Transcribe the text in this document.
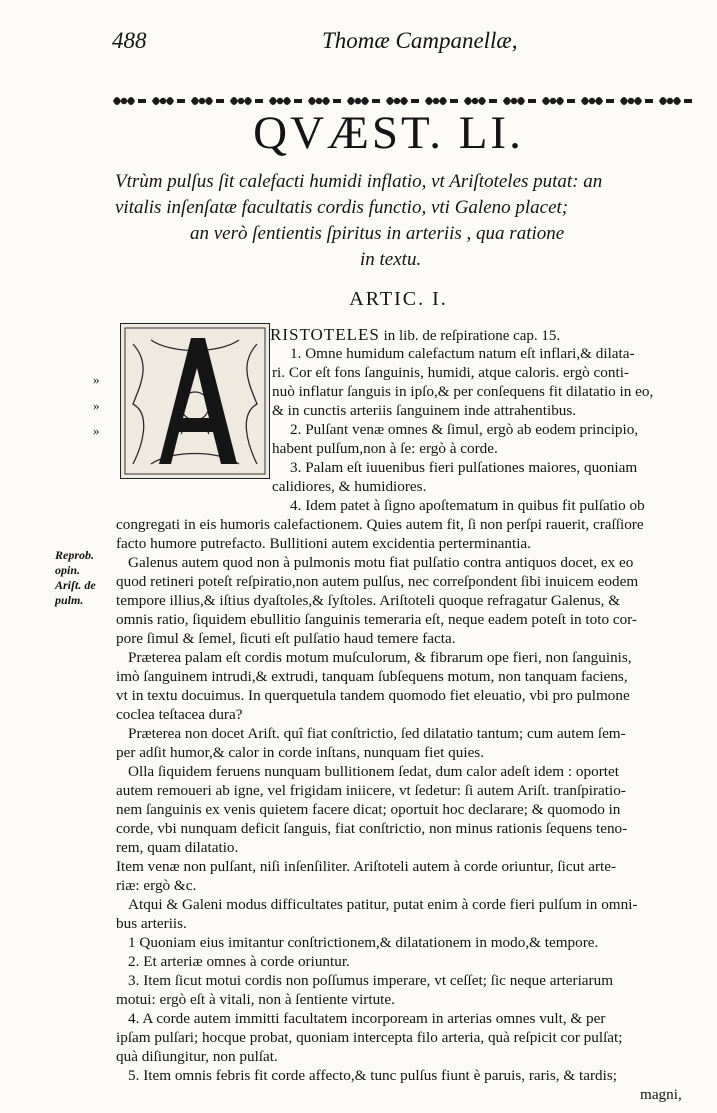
488	Thomæ Campanellæ,
QVÆST. LI.
Vtrùm pulſus ſit calefacti humidi inflatio, vt Ariſtoteles putat: an
vitalis inſenſatæ facultatis cordis functio, vti Galeno placet;
an verò ſentientis ſpiritus in arteriis , qua ratione
in textu.
ARTIC. I.
RISTOTELES in lib. de reſpiratione cap. 15.
1. Omne humidum calefactum natum eſt inflari,& dilata-
ri. Cor eſt fons ſanguinis, humidi, atque caloris. ergò conti-
nuò inflatur ſanguis in ipſo,& per conſequens fit dilatatio in eo,
& in cunctis arteriis ſanguinem inde attrahentibus.
2. Pulſant venæ omnes & ſimul, ergò ab eodem principio,
habent pulſum,non à ſe: ergò à corde.
3. Palam eſt iuuenibus fieri pulſationes maiores, quoniam
calidiores, & humidiores.
»
»
»
Reprob.
opin.
Ariſt. de
pulm.
4. Idem patet à ſigno apoſtematum in quibus fit pulſatio ob
congregati in eis humoris calefactionem. Quies autem fit, ſi non perſpi rauerit, craſſiore
facto humore putrefacto. Bullitioni autem excidentia perterminantia.
Galenus autem quod non à pulmonis motu fiat pulſatio contra antiquos docet, ex eo
quod retineri poteſt reſpiratio,non autem pulſus, nec correſpondent ſibi inuicem eodem
tempore illius,& iſtius dyaſtoles,& ſyſtoles. Ariſtoteli quoque refragatur Galenus, &
omnis ratio, ſiquidem ebullitio ſanguinis temeraria eſt, neque eadem poteſt in toto cor-
pore ſimul & ſemel, ſicuti eſt pulſatio haud temere facta.
Præterea palam eſt cordis motum muſculorum, & fibrarum ope fieri, non ſanguinis,
imò ſanguinem intrudi,& extrudi, tanquam ſubſequens motum, non tanquam faciens,
vt in textu docuimus. In querquetula tandem quomodo fiet eleuatio, vbi pro pulmone
coclea teſtacea dura?
Præterea non docet Ariſt. quî fiat conſtrictio, ſed dilatatio tantum; cum autem ſem-
per adſit humor,& calor in corde inſtans, nunquam fiet quies.
Olla ſiquidem feruens nunquam bullitionem ſedat, dum calor adeſt idem : oportet
autem remoueri ab igne, vel frigidam iniicere, vt ſedetur: ſi autem Ariſt. tranſpiratio-
nem ſanguinis ex venis quietem facere dicat; oportuit hoc declarare; & quomodo in
corde, vbi nunquam deficit ſanguis, fiat conſtrictio, non minus rationis ſequens teno-
rem, quam dilatatio.
Item venæ non pulſant, niſi inſenſiliter. Ariſtoteli autem à corde oriuntur, ſicut arte-
riæ: ergò &c.
Atqui & Galeni modus difficultates patitur, putat enim à corde fieri pulſum in omni-
bus arteriis.
1 Quoniam eius imitantur conſtrictionem,& dilatationem in modo,& tempore.
2. Et arteriæ omnes à corde oriuntur.
3. Item ſicut motui cordis non poſſumus imperare, vt ceſſet; ſic neque arteriarum
motui: ergò eſt à vitali, non à ſentiente virtute.
4. A corde autem immitti facultatem incorpoream in arterias omnes vult, & per
ipſam pulſari; hocque probat, quoniam intercepta filo arteria, quà reſpicit cor pulſat;
quà diſiungitur, non pulſat.
5. Item omnis febris fit corde affecto,& tunc pulſus fiunt è paruis, raris, & tardis;
magni,
